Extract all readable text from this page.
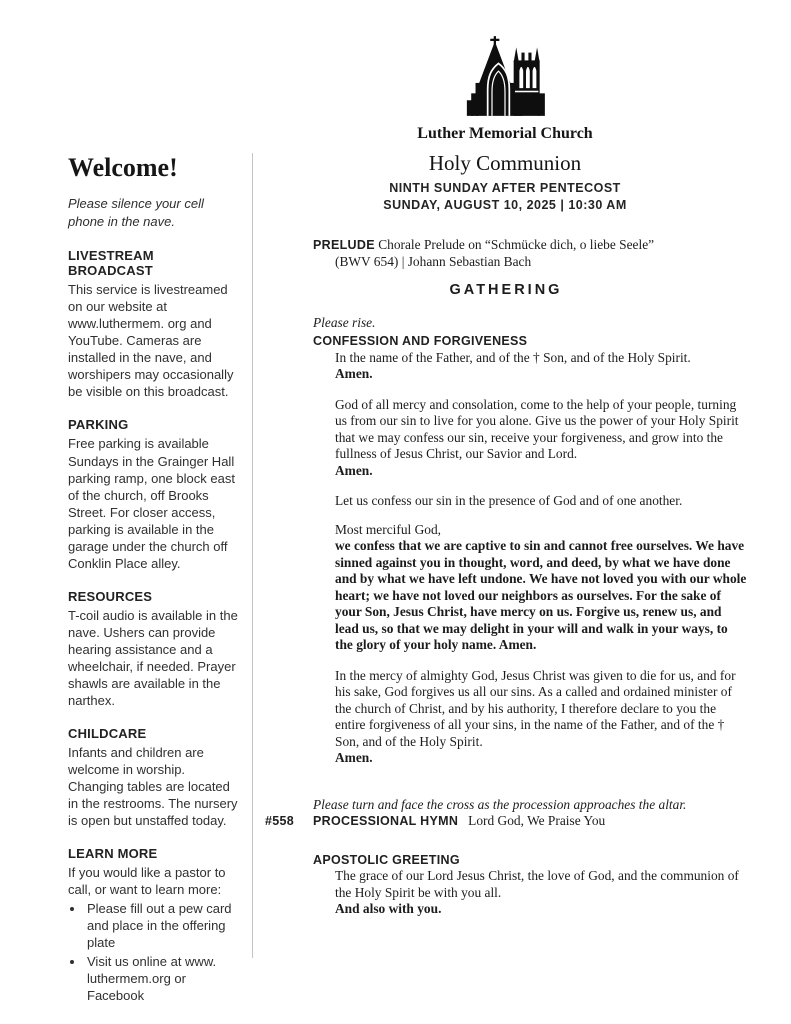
Luther Memorial Church
Holy Communion
NINTH SUNDAY AFTER PENTECOST
SUNDAY, AUGUST 10, 2025 | 10:30 AM
Welcome!
Please silence your cell phone in the nave.
LIVESTREAM BROADCAST
This service is livestreamed on our website at www.luthermem. org and YouTube. Cameras are installed in the nave, and worshipers may occasionally be visible on this broadcast.
PARKING
Free parking is available Sundays in the Grainger Hall parking ramp, one block east of the church, off Brooks Street. For closer access, parking is available in the garage under the church off Conklin Place alley.
RESOURCES
T-coil audio is available in the nave. Ushers can provide hearing assistance and a wheelchair, if needed. Prayer shawls are available in the narthex.
CHILDCARE
Infants and children are welcome in worship. Changing tables are located in the restrooms. The nursery is open but unstaffed today.
LEARN MORE
If you would like a pastor to call, or want to learn more:
• Please fill out a pew card and place in the offering plate
• Visit us online at www. luthermem.org or Facebook
PRELUDE Chorale Prelude on “Schmücke dich, o liebe Seele”
(BWV 654) | Johann Sebastian Bach
GATHERING
Please rise.
CONFESSION AND FORGIVENESS
In the name of the Father, and of the † Son, and of the Holy Spirit.
Amen.
God of all mercy and consolation, come to the help of your people, turning us from our sin to live for you alone. Give us the power of your Holy Spirit that we may confess our sin, receive your forgiveness, and grow into the fullness of Jesus Christ, our Savior and Lord.
Amen.
Let us confess our sin in the presence of God and of one another.
Most merciful God,
we confess that we are captive to sin and cannot free ourselves. We have sinned against you in thought, word, and deed, by what we have done and by what we have left undone. We have not loved you with our whole heart; we have not loved our neighbors as ourselves. For the sake of your Son, Jesus Christ, have mercy on us. Forgive us, renew us, and lead us, so that we may delight in your will and walk in your ways, to the glory of your holy name. Amen.
In the mercy of almighty God, Jesus Christ was given to die for us, and for his sake, God forgives us all our sins. As a called and ordained minister of the church of Christ, and by his authority, I therefore declare to you the entire forgiveness of all your sins, in the name of the Father, and of the † Son, and of the Holy Spirit.
Amen.
Please turn and face the cross as the procession approaches the altar.
#558	PROCESSIONAL HYMN Lord God, We Praise You
APOSTOLIC GREETING
The grace of our Lord Jesus Christ, the love of God, and the communion of the Holy Spirit be with you all.
And also with you.
